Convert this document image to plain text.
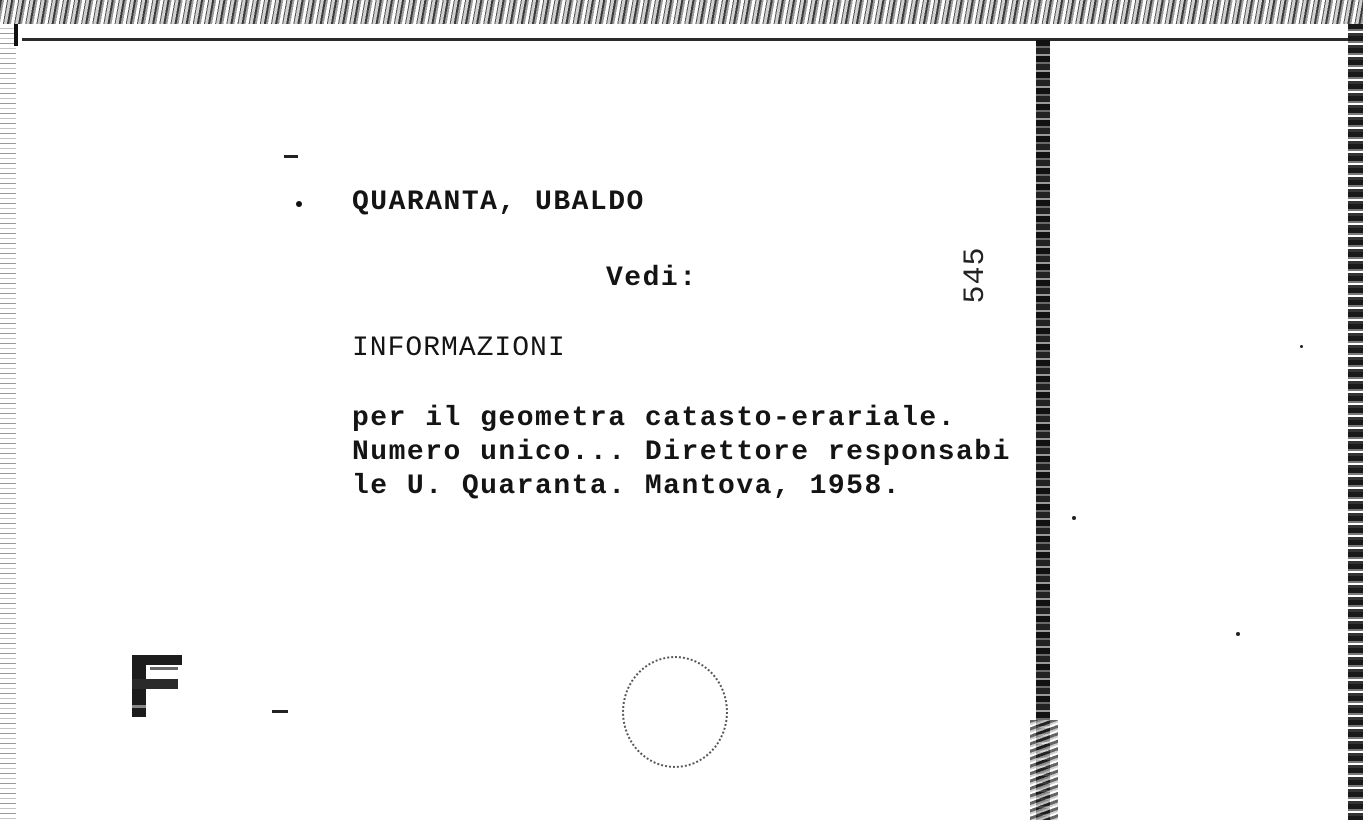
QUARANTA, UBALDO

Vedi:	545

INFORMAZIONI

per il geometra catasto-erariale.

Numero unico... Direttore responsabi

le U. Quaranta. Mantova, 1958.
